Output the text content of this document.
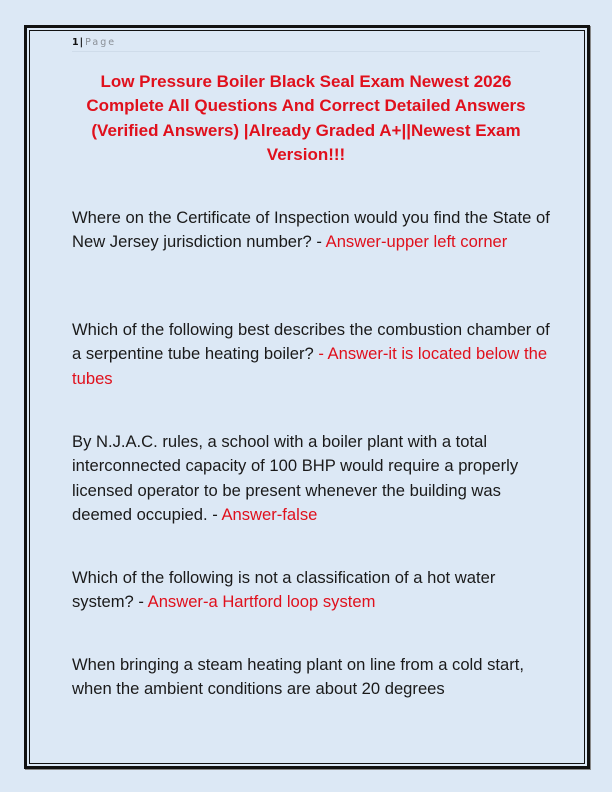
1| Page
Low Pressure Boiler Black Seal Exam Newest 2026 Complete All Questions And Correct Detailed Answers (Verified Answers) |Already Graded A+||Newest Exam Version!!!
Where on the Certificate of Inspection would you find the State of New Jersey jurisdiction number? - Answer-upper left corner
Which of the following best describes the combustion chamber of a serpentine tube heating boiler? - Answer-it is located below the tubes
By N.J.A.C. rules, a school with a boiler plant with a total interconnected capacity of 100 BHP would require a properly licensed operator to be present whenever the building was deemed occupied. - Answer-false
Which of the following is not a classification of a hot water system? - Answer-a Hartford loop system
When bringing a steam heating plant on line from a cold start, when the ambient conditions are about 20 degrees
